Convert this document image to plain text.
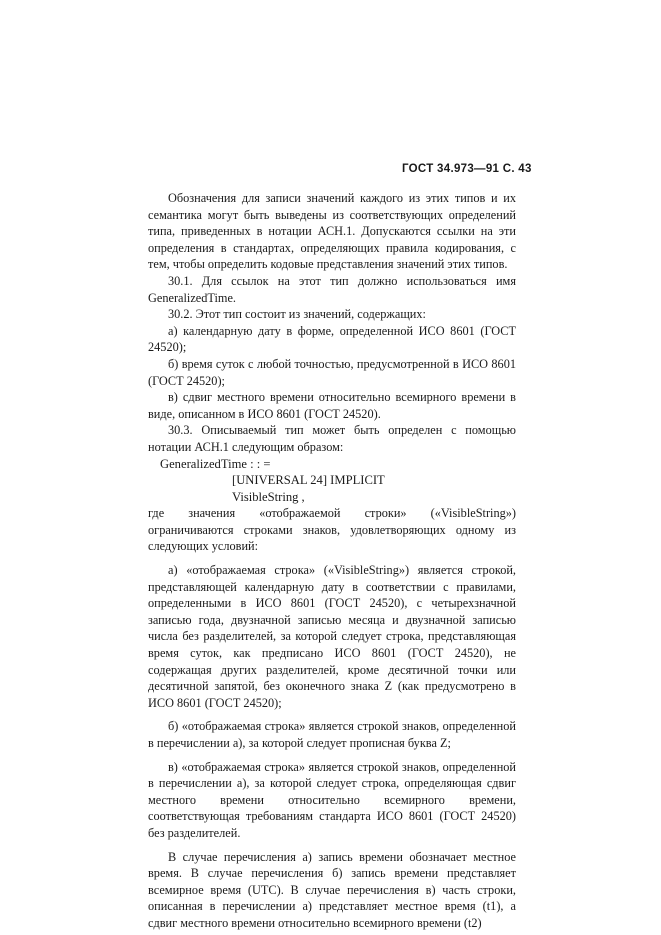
ГОСТ 34.973—91 С. 43

Обозначения для записи значений каждого из этих типов и их семантика могут быть выведены из соответствующих определений типа, приведенных в нотации АСН.1. Допускаются ссылки на эти определения в стандартах, определяющих правила кодирования, с тем, чтобы определить кодовые представления значений этих типов.

30.1. Для ссылок на этот тип должно использоваться имя GeneralizedTime.

30.2. Этот тип состоит из значений, содержащих:

а) календарную дату в форме, определенной ИСО 8601 (ГОСТ 24520);

б) время суток с любой точностью, предусмотренной в ИСО 8601 (ГОСТ 24520);

в) сдвиг местного времени относительно всемирного времени в виде, описанном в ИСО 8601 (ГОСТ 24520).

30.3. Описываемый тип может быть определен с помощью нотации АСН.1 следующим образом:

GeneralizedTime : : =
[UNIVERSAL 24] IMPLICIT
VisibleString ,

где значения «отображаемой строки» («VisibleString») ограничиваются строками знаков, удовлетворяющих одному из следующих условий:

а) «отображаемая строка» («VisibleString») является строкой, представляющей календарную дату в соответствии с правилами, определенными в ИСО 8601 (ГОСТ 24520), с четырехзначной записью года, двузначной записью месяца и двузначной записью числа без разделителей, за которой следует строка, представляющая время суток, как предписано ИСО 8601 (ГОСТ 24520), не содержащая других разделителей, кроме десятичной точки или десятичной запятой, без оконечного знака Z (как предусмотрено в ИСО 8601 (ГОСТ 24520);

б) «отображаемая строка» является строкой знаков, определенной в перечислении а), за которой следует прописная буква Z;

в) «отображаемая строка» является строкой знаков, определенной в перечислении а), за которой следует строка, определяющая сдвиг местного времени относительно всемирного времени, соответствующая требованиям стандарта ИСО 8601 (ГОСТ 24520) без разделителей.

В случае перечисления а) запись времени обозначает местное время. В случае перечисления б) запись времени представляет всемирное время (UTC). В случае перечисления в) часть строки, описанная в перечислении а) представляет местное время (t1), а сдвиг местного времени относительно всемирного времени (t2)
